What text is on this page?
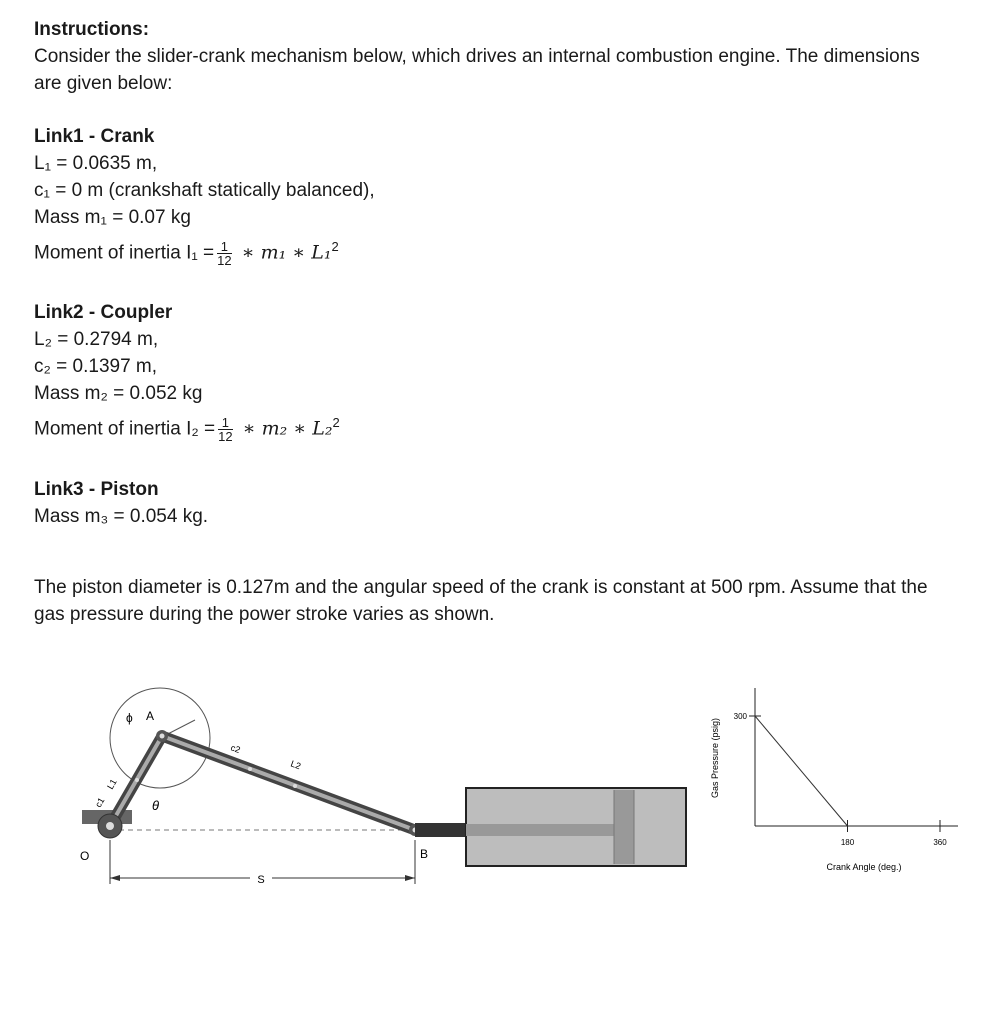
Instructions:

Consider the slider-crank mechanism below, which drives an internal combustion engine. The dimensions are given below:

Link1 - Crank

L₁ = 0.0635 m,

c₁ = 0 m (crankshaft statically balanced),

Mass m₁ = 0.07 kg

Moment of inertia $I_1 = \frac{1}{12}$ ∗ m₁ ∗ L₁$^2$

Link2 - Coupler

L₂ = 0.2794 m,

c₂ = 0.1397 m,

Mass m₂ = 0.052 kg

Moment of inertia $I_2 = \frac{1}{12}$ ∗ m₂ ∗ L₂$^2$

Link3 - Piston

Mass m₃ = 0.054 kg.

The piston diameter is 0.127m and the angular speed of the crank is constant at 500 rpm. Assume that the gas pressure during the power stroke varies as shown.

S
ϕ A
θ
O	B
L1
c1
c2
L2
180	360
300
Crank Angle (deg.)
Gas Pressure (psig)
